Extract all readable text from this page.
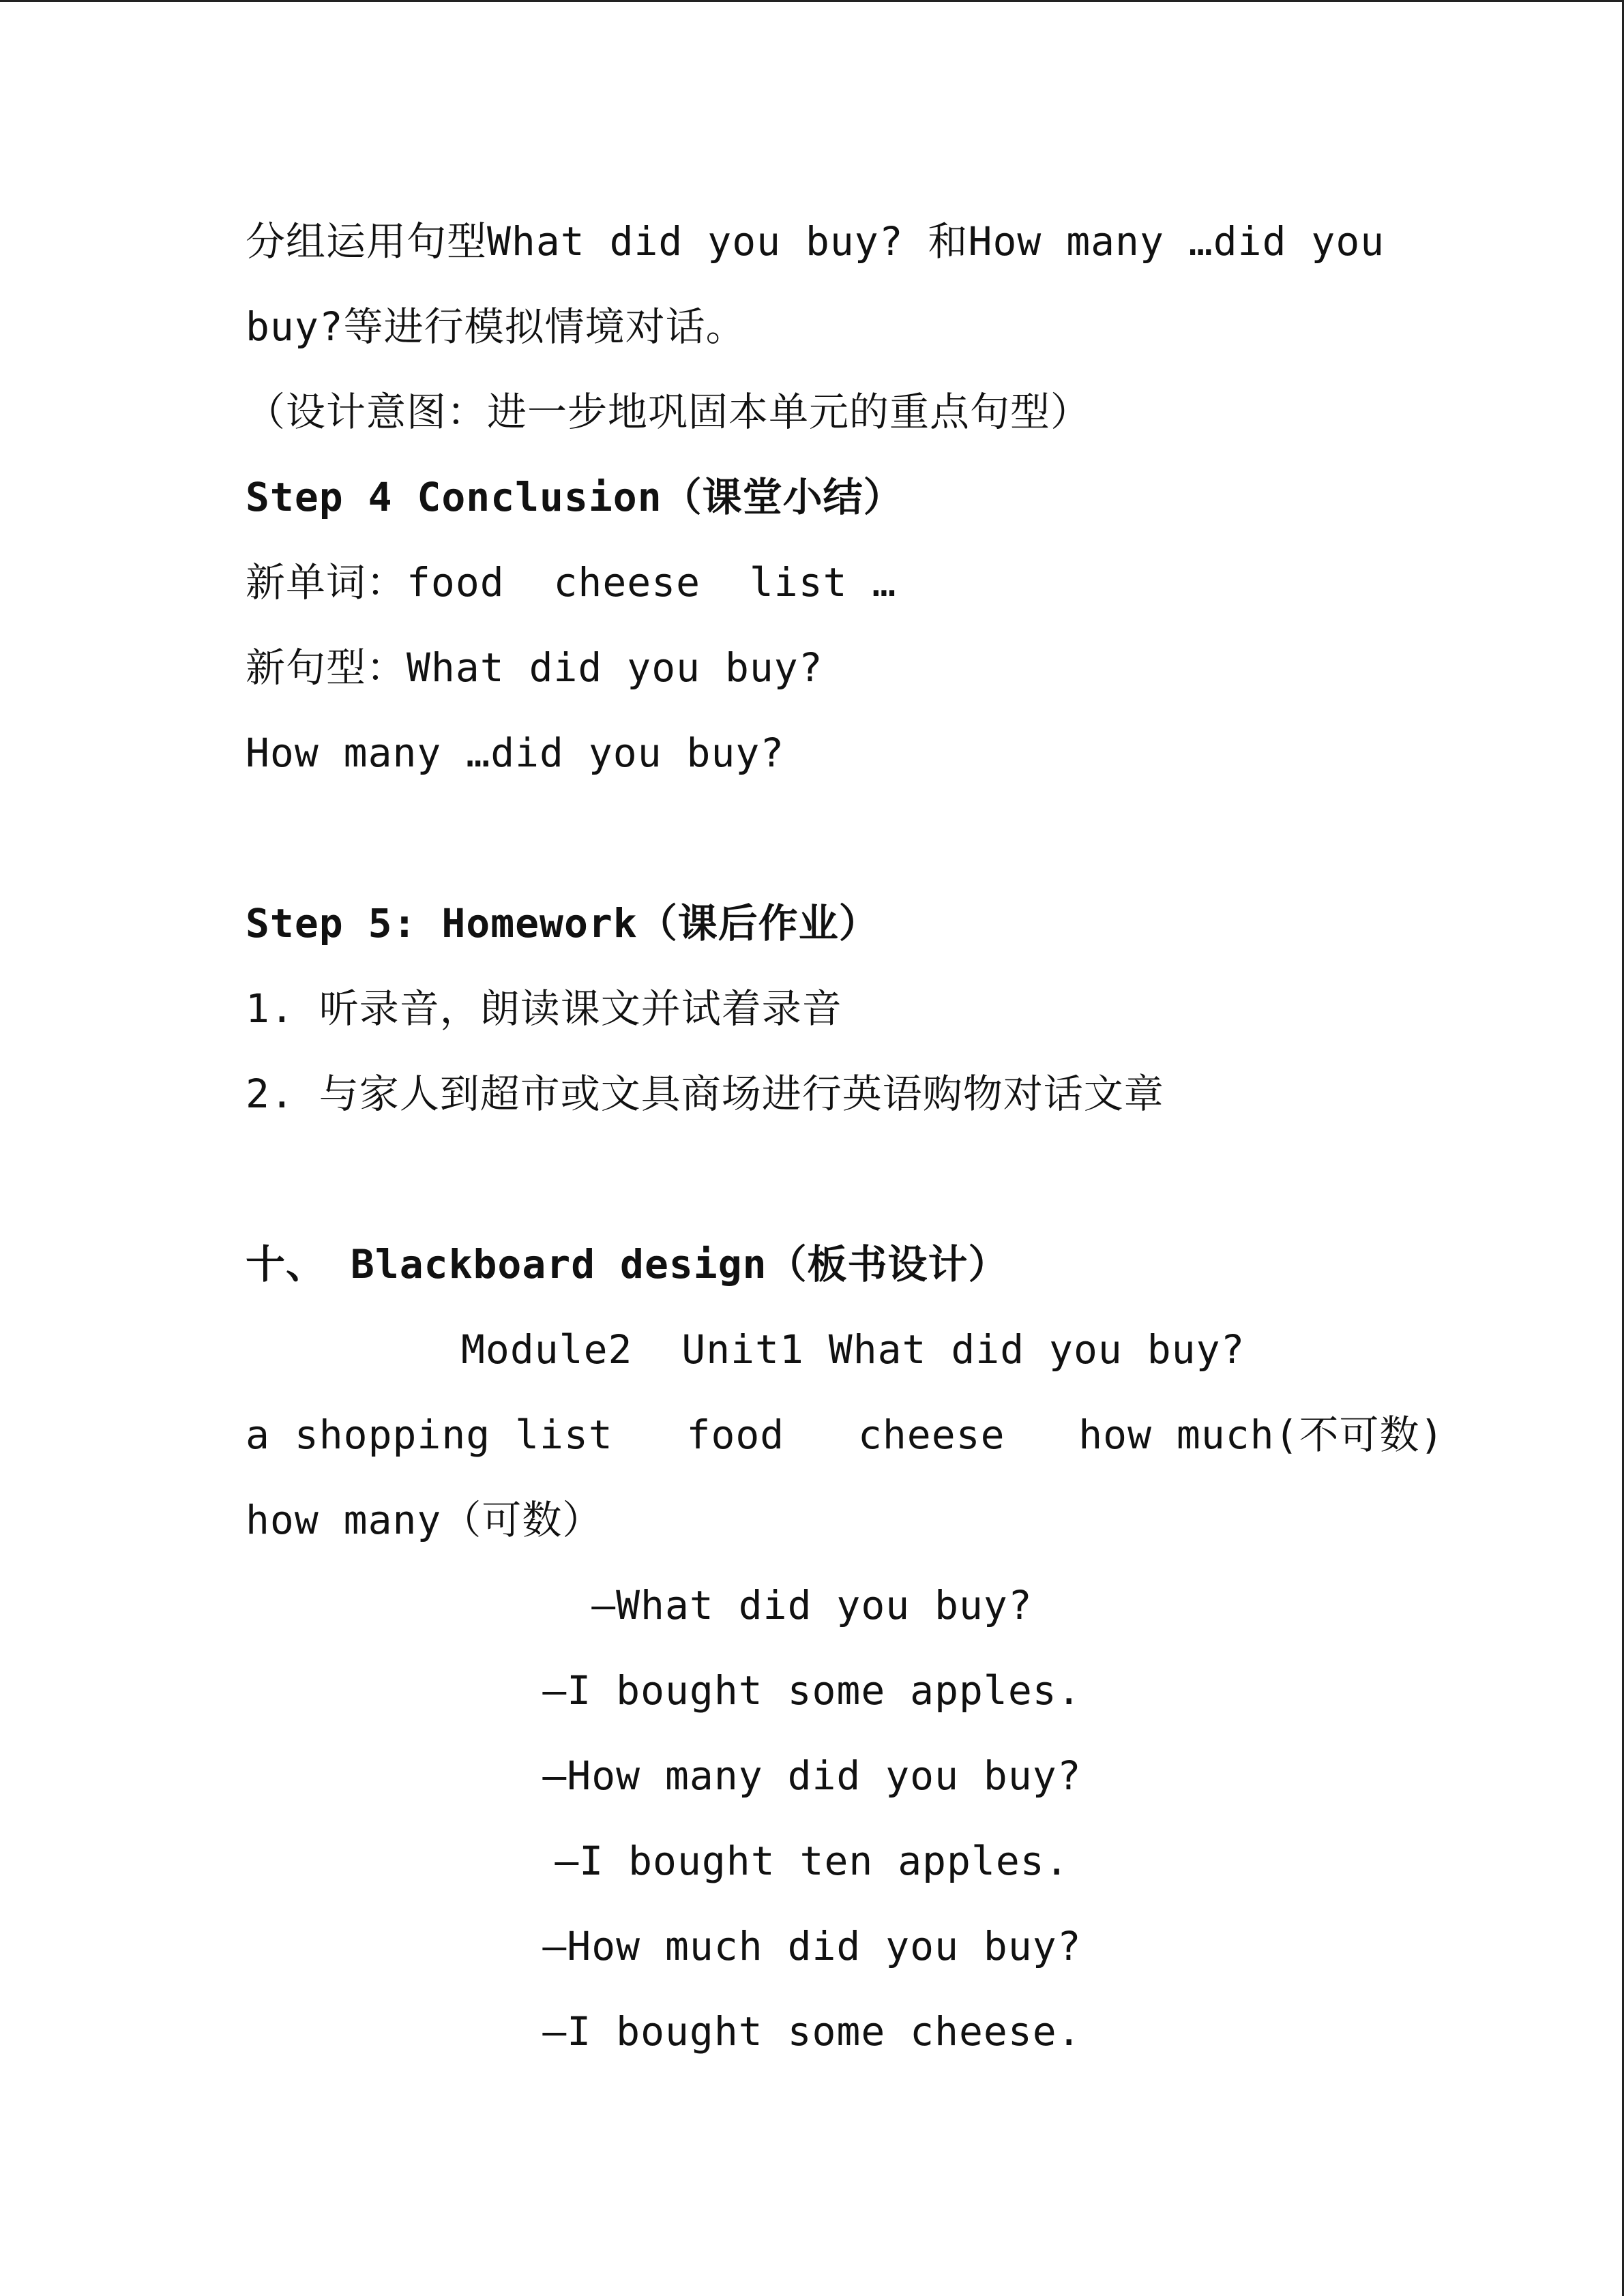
分组运用句型What did you buy? 和How many …did you
buy?等进行模拟情境对话。
（设计意图：进一步地巩固本单元的重点句型）
Step 4 Conclusion（课堂小结）
新单词：food  cheese  list …
新句型：What did you buy?
How many …did you buy?
Step 5: Homework（课后作业）
1. 听录音，朗读课文并试着录音
2. 与家人到超市或文具商场进行英语购物对话文章
十、 Blackboard design（板书设计）
Module2  Unit1 What did you buy?
a shopping list   food   cheese   how much(不可数)
how many（可数）
—What did you buy?
—I bought some apples.
—How many did you buy?
—I bought ten apples.
—How much did you buy?
—I bought some cheese.
